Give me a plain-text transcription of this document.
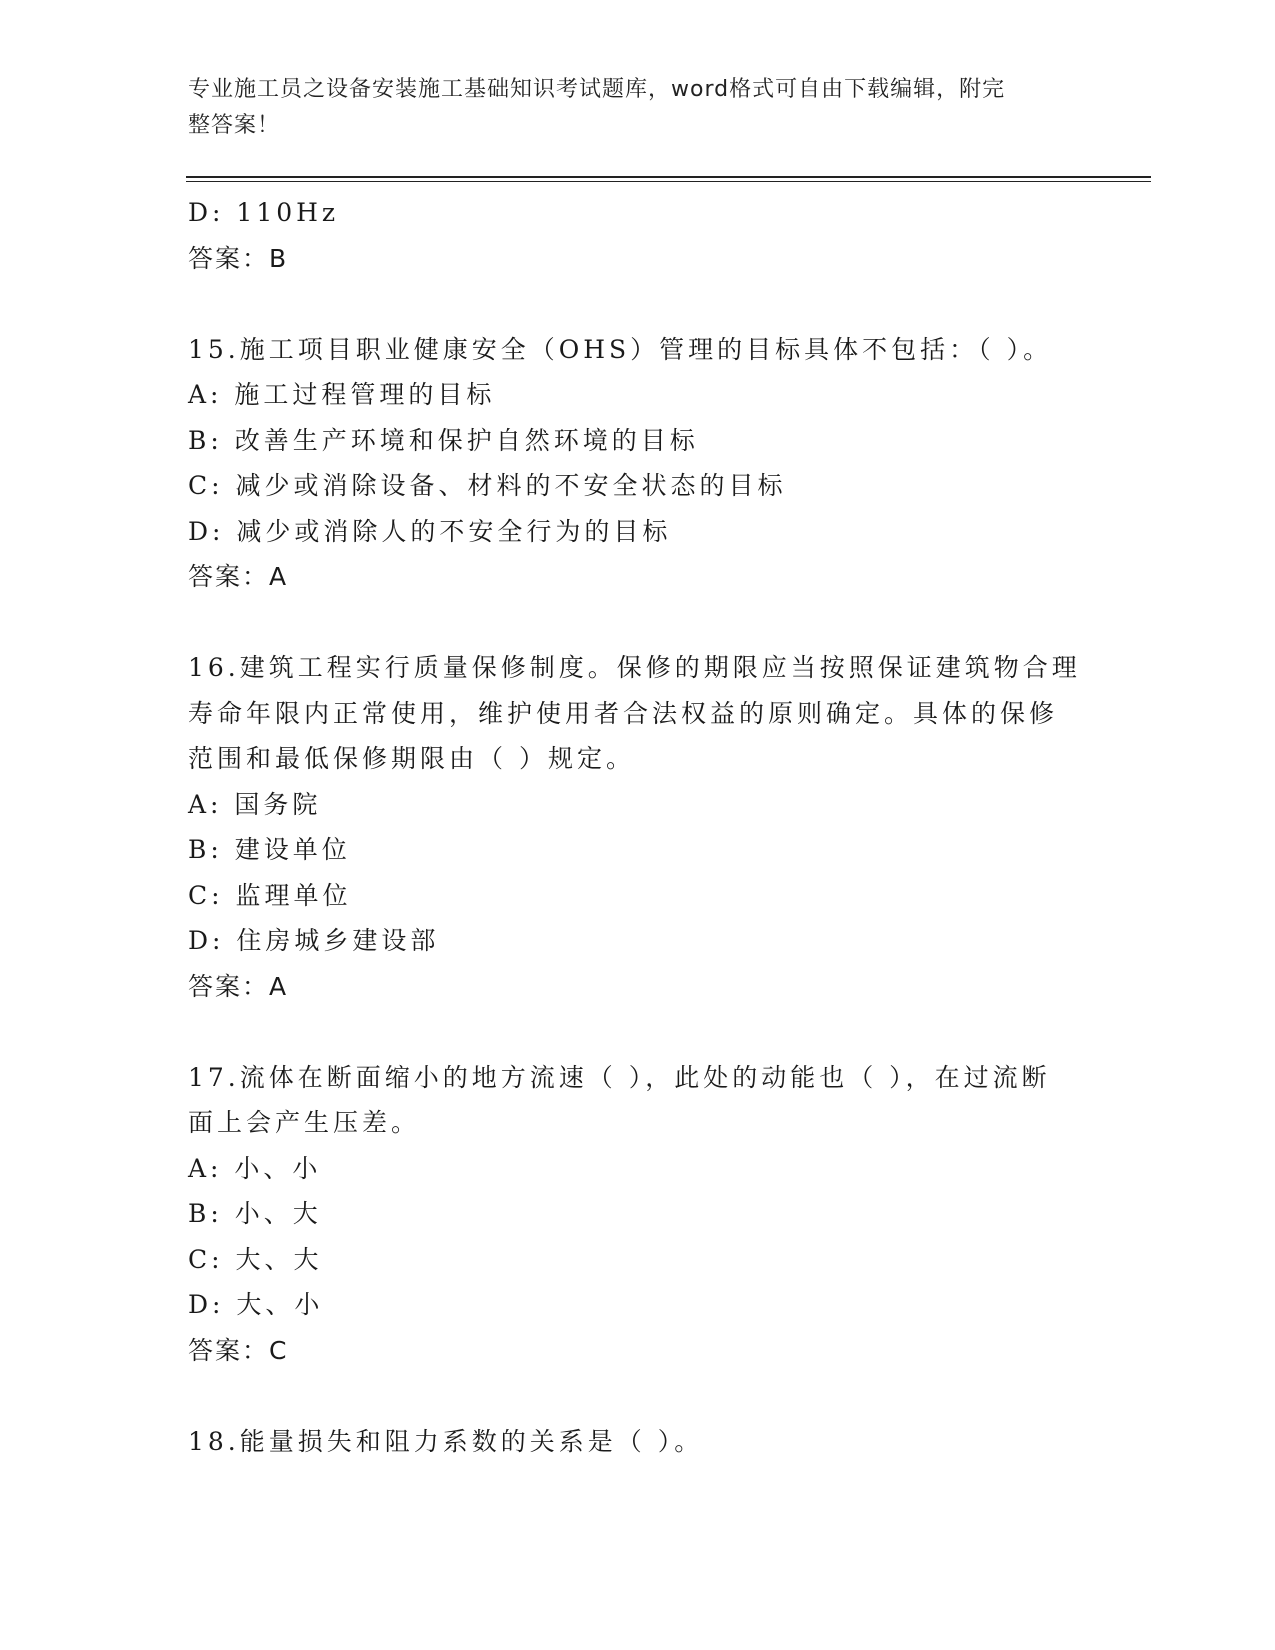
专业施工员之设备安装施工基础知识考试题库，word格式可自由下载编辑，附完
整答案！
D: 110Hz
答案：B
15.施工项目职业健康安全（OHS）管理的目标具体不包括：（ ）。
A: 施工过程管理的目标
B: 改善生产环境和保护自然环境的目标
C: 减少或消除设备、材料的不安全状态的目标
D: 减少或消除人的不安全行为的目标
答案：A
16.建筑工程实行质量保修制度。保修的期限应当按照保证建筑物合理
寿命年限内正常使用，维护使用者合法权益的原则确定。具体的保修
范围和最低保修期限由（ ）规定。
A: 国务院
B: 建设单位
C: 监理单位
D: 住房城乡建设部
答案：A
17.流体在断面缩小的地方流速（ ），此处的动能也（ ），在过流断
面上会产生压差。
A: 小、小
B: 小、大
C: 大、大
D: 大、小
答案：C
18.能量损失和阻力系数的关系是（ ）。
